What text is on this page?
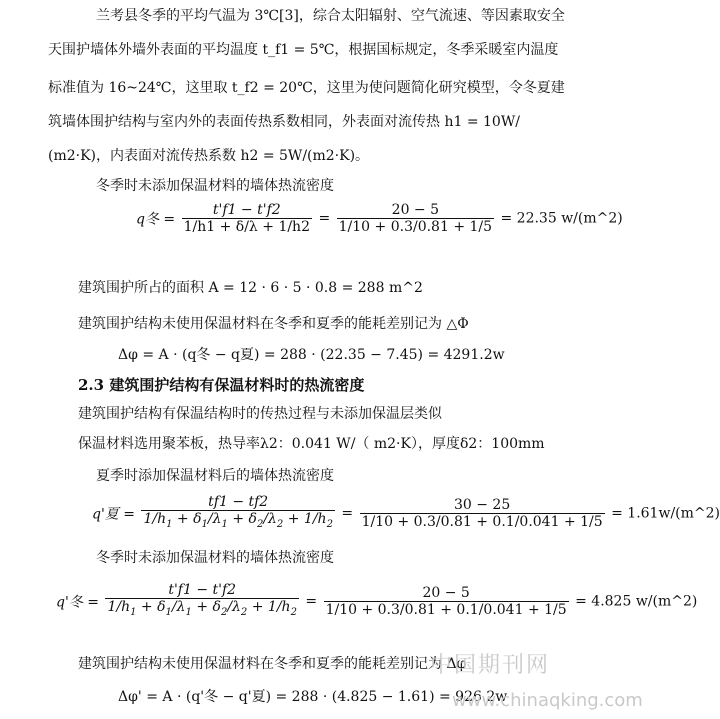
兰考县冬季的平均气温为 3℃[3]，综合太阳辐射、空气流速、等因素取安全
天围护墙体外墙外表面的平均温度 t_f1 = 5℃，根据国标规定，冬季采暖室内温度
标准值为 16~24℃，这里取 t_f2 = 20℃，这里为使问题简化研究模型，令冬夏建
筑墙体围护结构与室内外的表面传热系数相同，外表面对流传热 h1 = 10W/
(m2·K)，内表面对流传热系数 h2 = 5W/(m2·K)。
冬季时未添加保温材料的墙体热流密度
q冬 = $\frac{t'f1 - t'f2}{1/h1 + \delta/\lambda + 1/h2} = \frac{20 - 5}{1/10 + 0.3/0.81 + 1/5} = 22.35$ w/(m^2)
建筑围护所占的面积 A = 12 · 6 · 5 · 0.8 = 288 m^2
建筑围护结构未使用保温材料在冬季和夏季的能耗差别记为 △Φ
Δφ = A · (q冬 − q夏) = 288 · (22.35 − 7.45) = 4291.2w
2.3 建筑围护结构有保温材料时的热流密度
建筑围护结构有保温结构时的传热过程与未添加保温层类似
保温材料选用聚苯板，热导率λ2：0.041 W/（ m2·K），厚度δ2：100mm
夏季时添加保温材料后的墙体热流密度
q'夏 = $\frac{tf1 - tf2}{1/h_1 + \delta_1/\lambda_1 + \delta_2/\lambda_2 + 1/h_2} = \frac{30 - 25}{1/10 + 0.3/0.81 + 0.1/0.041 + 1/5}$ = 1.61w/(m^2)
冬季时未添加保温材料的墙体热流密度
q'冬 = $\frac{t'f1 - t'f2}{1/h_1 + \delta_1/\lambda_1 + \delta_2/\lambda_2 + 1/h_2} = \frac{20 - 5}{1/10 + 0.3/0.81 + 0.1/0.041 + 1/5} = 4.825$ w/(m^2)
建筑围护结构未使用保温材料在冬季和夏季的能耗差别记为 Δφ
Δφ' = A · (q'冬 − q'夏) = 288 · (4.825 − 1.61) = 926.2w
中国期刊网
www.chinaqking.com
